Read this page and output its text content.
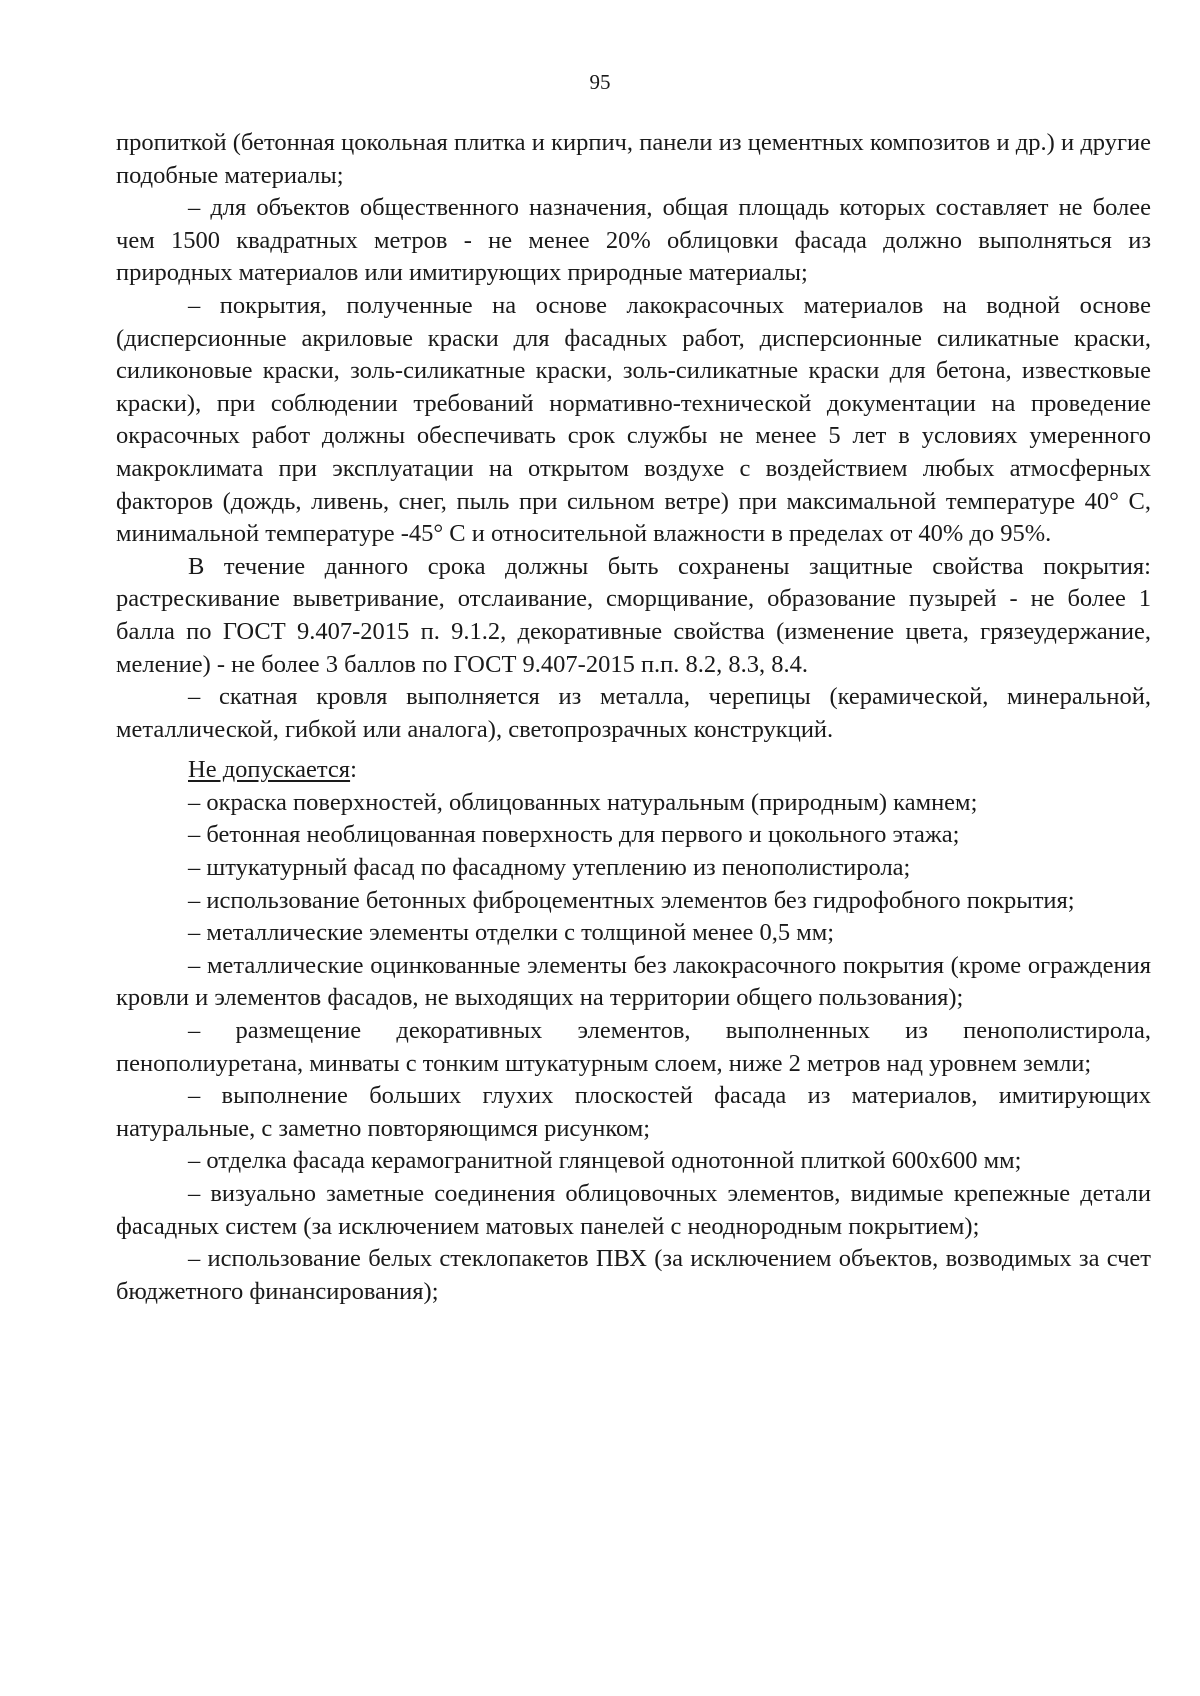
95

пропиткой (бетонная цокольная плитка и кирпич, панели из цементных композитов и др.) и другие подобные материалы;

– для объектов общественного назначения, общая площадь которых составляет не более чем 1500 квадратных метров - не менее 20% облицовки фасада должно выполняться из природных материалов или имитирующих природные материалы;

– покрытия, полученные на основе лакокрасочных материалов на водной основе (дисперсионные акриловые краски для фасадных работ, дисперсионные силикатные краски, силиконовые краски, золь-силикатные краски, золь-силикатные краски для бетона, известковые краски), при соблюдении требований нормативно-технической документации на проведение окрасочных работ должны обеспечивать срок службы не менее 5 лет в условиях умеренного макроклимата при эксплуатации на открытом воздухе с воздействием любых атмосферных факторов (дождь, ливень, снег, пыль при сильном ветре) при максимальной температуре 40° С, минимальной температуре -45° С и относительной влажности в пределах от 40% до 95%.

В течение данного срока должны быть сохранены защитные свойства покрытия: растрескивание выветривание, отслаивание, сморщивание, образование пузырей - не более 1 балла по ГОСТ 9.407-2015 п. 9.1.2, декоративные свойства (изменение цвета, грязеудержание, меление) - не более 3 баллов по ГОСТ 9.407-2015 п.п. 8.2, 8.3, 8.4.

– скатная кровля выполняется из металла, черепицы (керамической, минеральной, металлической, гибкой или аналога), светопрозрачных конструкций.

Не допускается:

– окраска поверхностей, облицованных натуральным (природным) камнем;

– бетонная необлицованная поверхность для первого и цокольного этажа;

– штукатурный фасад по фасадному утеплению из пенополистирола;

– использование бетонных фиброцементных элементов без гидрофобного покрытия;

– металлические элементы отделки с толщиной менее 0,5 мм;

– металлические оцинкованные элементы без лакокрасочного покрытия (кроме ограждения кровли и элементов фасадов, не выходящих на территории общего пользования);

– размещение декоративных элементов, выполненных из пенополистирола, пенополиуретана, минваты с тонким штукатурным слоем, ниже 2 метров над уровнем земли;

– выполнение больших глухих плоскостей фасада из материалов, имитирующих натуральные, с заметно повторяющимся рисунком;

– отделка фасада керамогранитной глянцевой однотонной плиткой 600х600 мм;

– визуально заметные соединения облицовочных элементов, видимые крепежные детали фасадных систем (за исключением матовых панелей с неоднородным покрытием);

– использование белых стеклопакетов ПВХ (за исключением объектов, возводимых за счет бюджетного финансирования);
